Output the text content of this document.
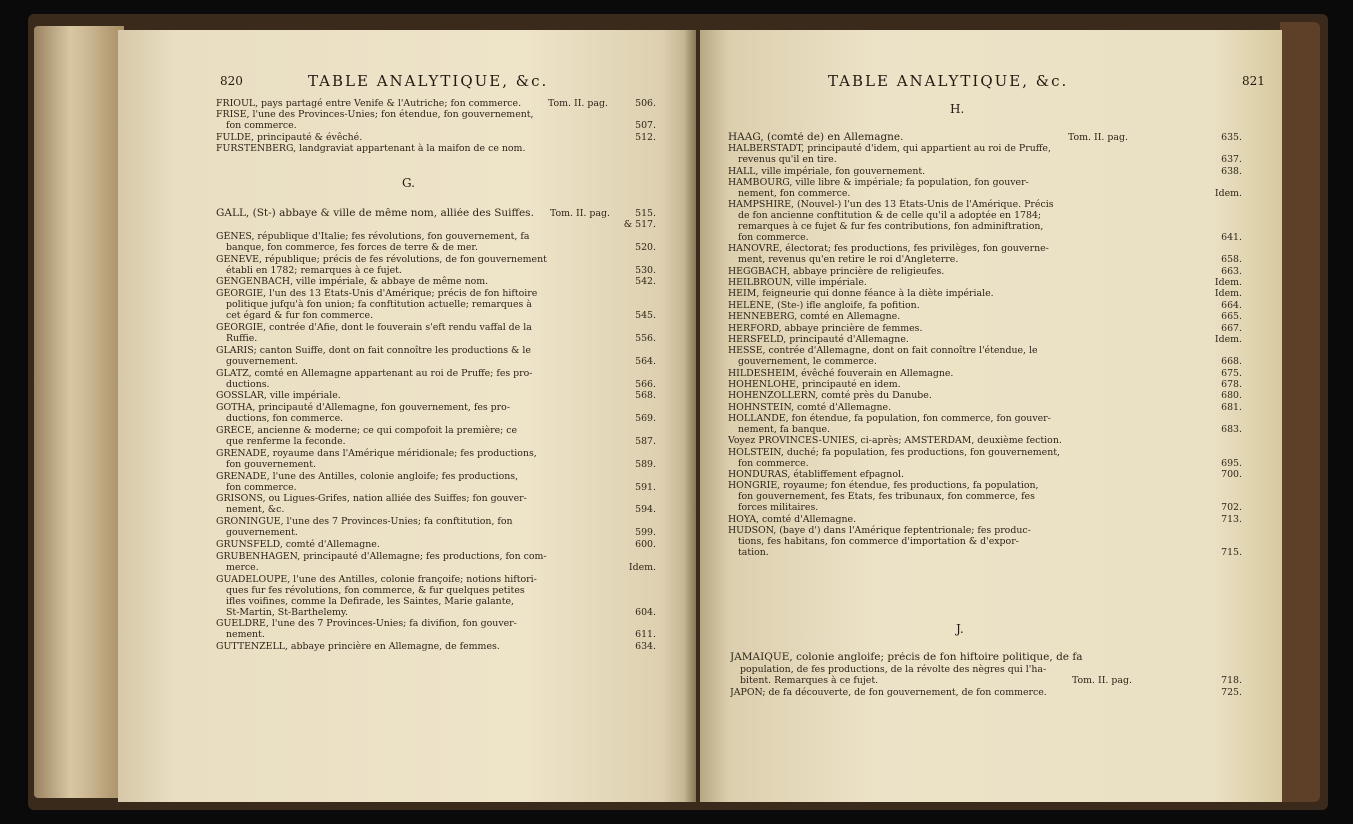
820	TABLE ANALYTIQUE, &c.
FRIOUL, pays partagé entre Venife & l'Autriche; fon commerce.	Tom. II. pag.	506.
FRISE, l'une des Provinces-Unies; fon étendue, fon gouvernement,
fon commerce.	507.
FULDE, principauté & évêché.	512.
FURSTENBERG, landgraviat appartenant à la maifon de ce nom.
G.
GALL, (St-) abbaye & ville de même nom, alliée des Suiffes. Tom. II. pag.	515.
& 517.
GÊNES, république d'Italie; fes révolutions, fon gouvernement, fa
banque, fon commerce, fes forces de terre & de mer.	520.
GENÈVE, république; précis de fes révolutions, de fon gouvernement
établi en 1782; remarques à ce fujet.	530.
GENGENBACH, ville impériale, & abbaye de même nom.	542.
GÉORGIE, l'un des 13 États-Unis d'Amérique; précis de fon hiftoire
politique jufqu'à fon union; fa conftitution actuelle; remarques à
cet égard & fur fon commerce.	545.
GÉORGIE, contrée d'Afie, dont le fouverain s'eft rendu vaffal de la
Ruffie.	556.
GLARIS; canton Suiffe, dont on fait connoître les productions & le
gouvernement.	564.
GLATZ, comté en Allemagne appartenant au roi de Pruffe; fes pro-
ductions.	566.
GOSSLAR, ville impériale.	568.
GOTHA, principauté d'Allemagne, fon gouvernement, fes pro-
ductions, fon commerce.	569.
GRÈCE, ancienne & moderne; ce qui compofoit la première; ce
que renferme la feconde.	587.
GRENADE, royaume dans l'Amérique méridionale; fes productions,
fon gouvernement.	589.
GRENADE, l'une des Antilles, colonie angloife; fes productions,
fon commerce.	591.
GRISONS, ou Ligues-Grifes, nation alliée des Suiffes; fon gouver-
nement, &c.	594.
GRONINGUE, l'une des 7 Provinces-Unies; fa conftitution, fon
gouvernement.	599.
GRUNSFELD, comté d'Allemagne.	600.
GRUBENHAGEN, principauté d'Allemagne; fes productions, fon com-
merce.	Idem.
GUADELOUPE, l'une des Antilles, colonie françoife; notions hiftori-
ques fur fes révolutions, fon commerce, & fur quelques petites
ifles voifines, comme la Defirade, les Saintes, Marie galante,
St-Martin, St-Barthelemy.	604.
GUELDRE, l'une des 7 Provinces-Unies; fa divifion, fon gouver-
nement.	611.
GUTTENZELL, abbaye princière en Allemagne, de femmes.	634.
TABLE ANALYTIQUE, &c.	821
H.
HAAG, (comté de) en Allemagne.	Tom. II. pag.	635.
HALBERSTADT, principauté d'idem, qui appartient au roi de Pruffe,
revenus qu'il en tire.	637.
HALL, ville impériale, fon gouvernement.	638.
HAMBOURG, ville libre & impériale; fa population, fon gouver-
nement, fon commerce.	Idem.
HAMPSHIRE, (Nouvel-) l'un des 13 États-Unis de l'Amérique. Précis
de fon ancienne conftitution & de celle qu'il a adoptée en 1784;
remarques à ce fujet & fur fes contributions, fon adminiftration,
fon commerce.	641.
HANOVRE, électorat; fes productions, fes privilèges, fon gouverne-
ment, revenus qu'en retire le roi d'Angleterre.	658.
HEGGBACH, abbaye princière de religieufes.	663.
HEILBROUN, ville impériale.	Idem.
HEIM, feigneurie qui donne féance à la diète impériale.	Idem.
HELÈNE, (Ste-) ifle angloife, fa pofition.	664.
HENNEBERG, comté en Allemagne.	665.
HERFORD, abbaye princière de femmes.	667.
HERSFELD, principauté d'Allemagne.	Idem.
HESSE, contrée d'Allemagne, dont on fait connoître l'étendue, le
gouvernement, le commerce.	668.
HILDESHEIM, évêché fouverain en Allemagne.	675.
HOHENLOHE, principauté en idem.	678.
HOHENZOLLERN, comté près du Danube.	680.
HOHNSTEIN, comté d'Allemagne.	681.
HOLLANDE, fon étendue, fa population, fon commerce, fon gouver-
nement, fa banque.	683.
Voyez PROVINCES-UNIES, ci-après; AMSTERDAM, deuxième fection.
HOLSTEIN, duché; fa population, fes productions, fon gouvernement,
fon commerce.	695.
HONDURAS, établiffement efpagnol.	700.
HONGRIE, royaume; fon étendue, fes productions, fa population,
fon gouvernement, fes États, fes tribunaux, fon commerce, fes
forces militaires.	702.
HOYA, comté d'Allemagne.	713.
HUDSON, (baye d') dans l'Amérique feptentrionale; fes produc-
tions, fes habitans, fon commerce d'importation & d'expor-
tation.	715.
J.
JAMAÏQUE, colonie angloife; précis de fon hiftoire politique, de fa
population, de fes productions, de la révolte des nègres qui l'ha-
bitent. Remarques à ce fujet.	Tom. II. pag.	718.
JAPON; de fa découverte, de fon gouvernement, de fon commerce.	725.
